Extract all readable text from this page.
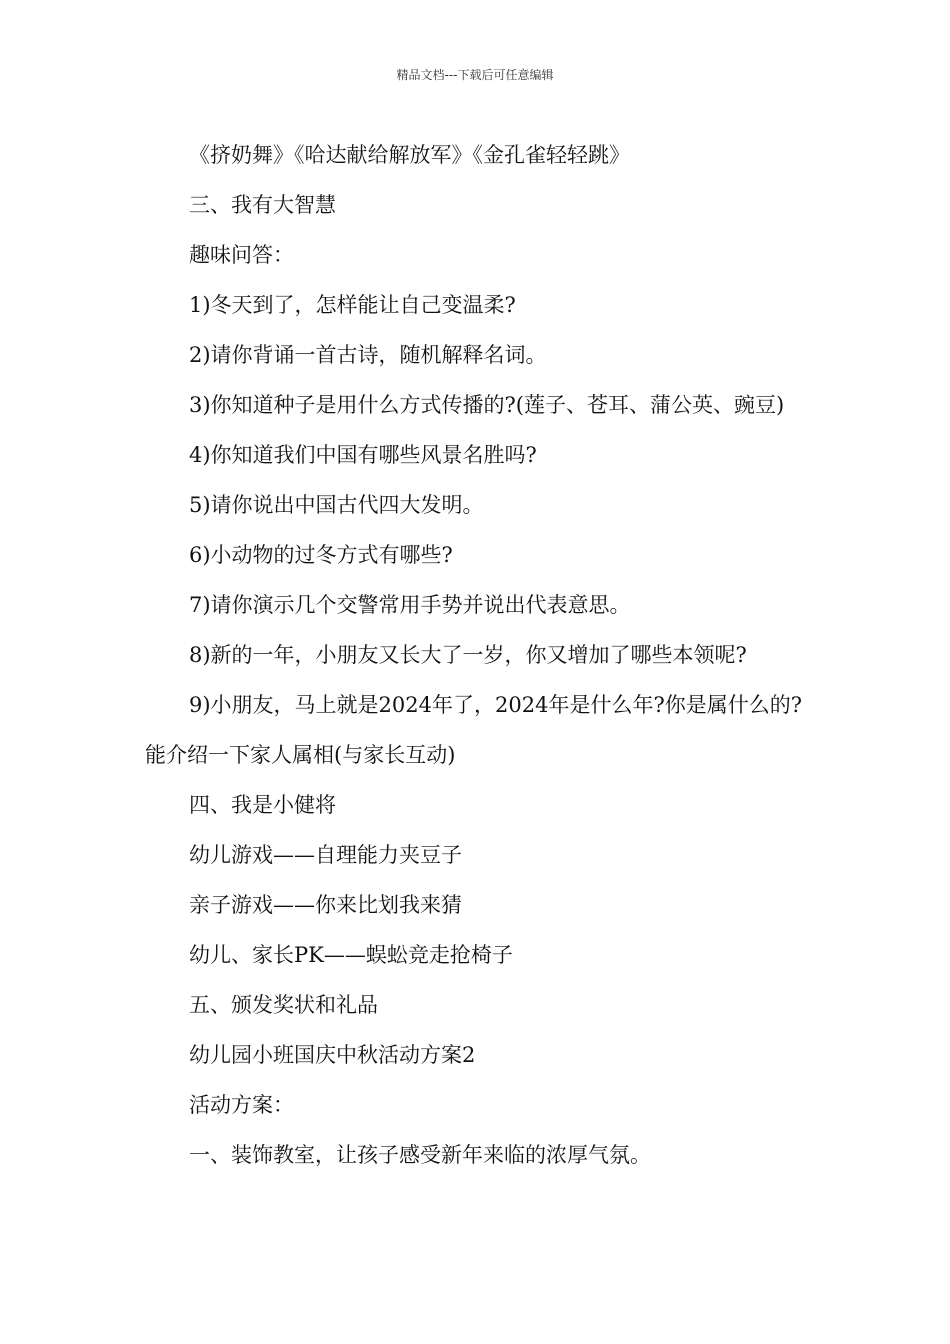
精品文档---下载后可任意编辑

《挤奶舞》《哈达献给解放军》《金孔雀轻轻跳》

三、我有大智慧

趣味问答：

1)冬天到了，怎样能让自己变温柔?

2)请你背诵一首古诗，随机解释名词。

3)你知道种子是用什么方式传播的?(莲子、苍耳、蒲公英、豌豆)

4)你知道我们中国有哪些风景名胜吗?

5)请你说出中国古代四大发明。

6)小动物的过冬方式有哪些?

7)请你演示几个交警常用手势并说出代表意思。

8)新的一年，小朋友又长大了一岁，你又增加了哪些本领呢?

9)小朋友，马上就是2024年了，2024年是什么年?你是属什么的?能介绍一下家人属相(与家长互动)

四、我是小健将

幼儿游戏——自理能力夹豆子

亲子游戏——你来比划我来猜

幼儿、家长PK——蜈蚣竞走抢椅子

五、颁发奖状和礼品

幼儿园小班国庆中秋活动方案2

活动方案：

一、装饰教室，让孩子感受新年来临的浓厚气氛。
